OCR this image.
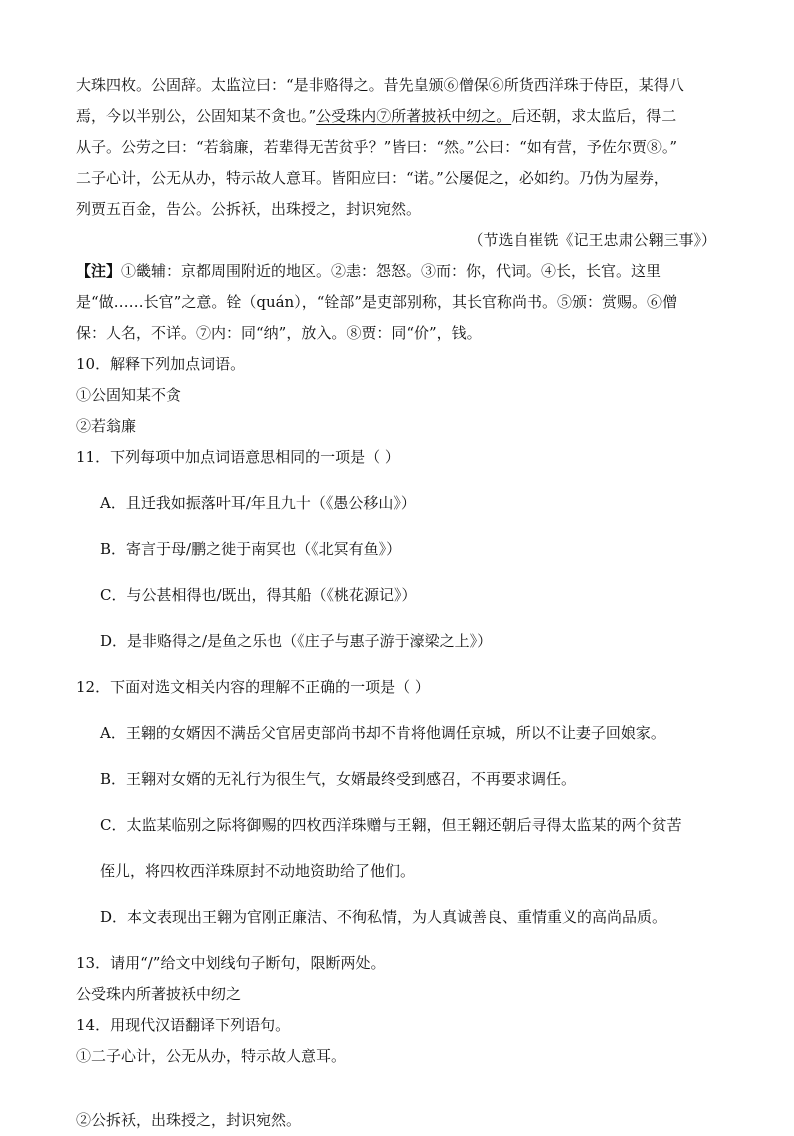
大珠四枚。公固辞。太监泣曰：“是非赂得之。昔先皇颁⑥僧保⑥所货西洋珠于侍臣，某得八

焉，今以半别公，公固知某不贪也。”公受珠内⑦所著披袄中纫之。后还朝，求太监后，得二

从子。公劳之曰：“若翁廉，若辈得无苦贫乎？”皆曰：“然。”公曰：“如有营，予佐尔贾⑧。”

二子心计，公无从办，特示故人意耳。皆阳应曰：“诺。”公屡促之，必如约。乃伪为屋券，

列贾五百金，告公。公拆袄，出珠授之，封识宛然。

（节选自崔铣《记王忠肃公翱三事》）

【注】①畿辅：京都周围附近的地区。②恚：怨怒。③而：你，代词。④长，长官。这里

是“做……长官”之意。铨（quán），“铨部”是吏部别称，其长官称尚书。⑤颁：赏赐。⑥僧

保：人名，不详。⑦内：同“纳”，放入。⑧贾：同“价”，钱。

10．解释下列加点词语。

①公固知某不贪

②若翁廉

11．下列每项中加点词语意思相同的一项是（ ）

A．且迁我如振落叶耳/年且九十（《愚公移山》）

B．寄言于母/鹏之徙于南冥也（《北冥有鱼》）

C．与公甚相得也/既出，得其船（《桃花源记》）

D．是非赂得之/是鱼之乐也（《庄子与惠子游于濠梁之上》）

12．下面对选文相关内容的理解不正确的一项是（ ）

A．王翱的女婿因不满岳父官居吏部尚书却不肯将他调任京城，所以不让妻子回娘家。

B．王翱对女婿的无礼行为很生气，女婿最终受到感召，不再要求调任。

C．太监某临别之际将御赐的四枚西洋珠赠与王翱，但王翱还朝后寻得太监某的两个贫苦

侄儿，将四枚西洋珠原封不动地资助给了他们。

D．本文表现出王翱为官刚正廉洁、不徇私情，为人真诚善良、重情重义的高尚品质。

13．请用“/”给文中划线句子断句，限断两处。

公受珠内所著披袄中纫之

14．用现代汉语翻译下列语句。

①二子心计，公无从办，特示故人意耳。

②公拆袄，出珠授之，封识宛然。
